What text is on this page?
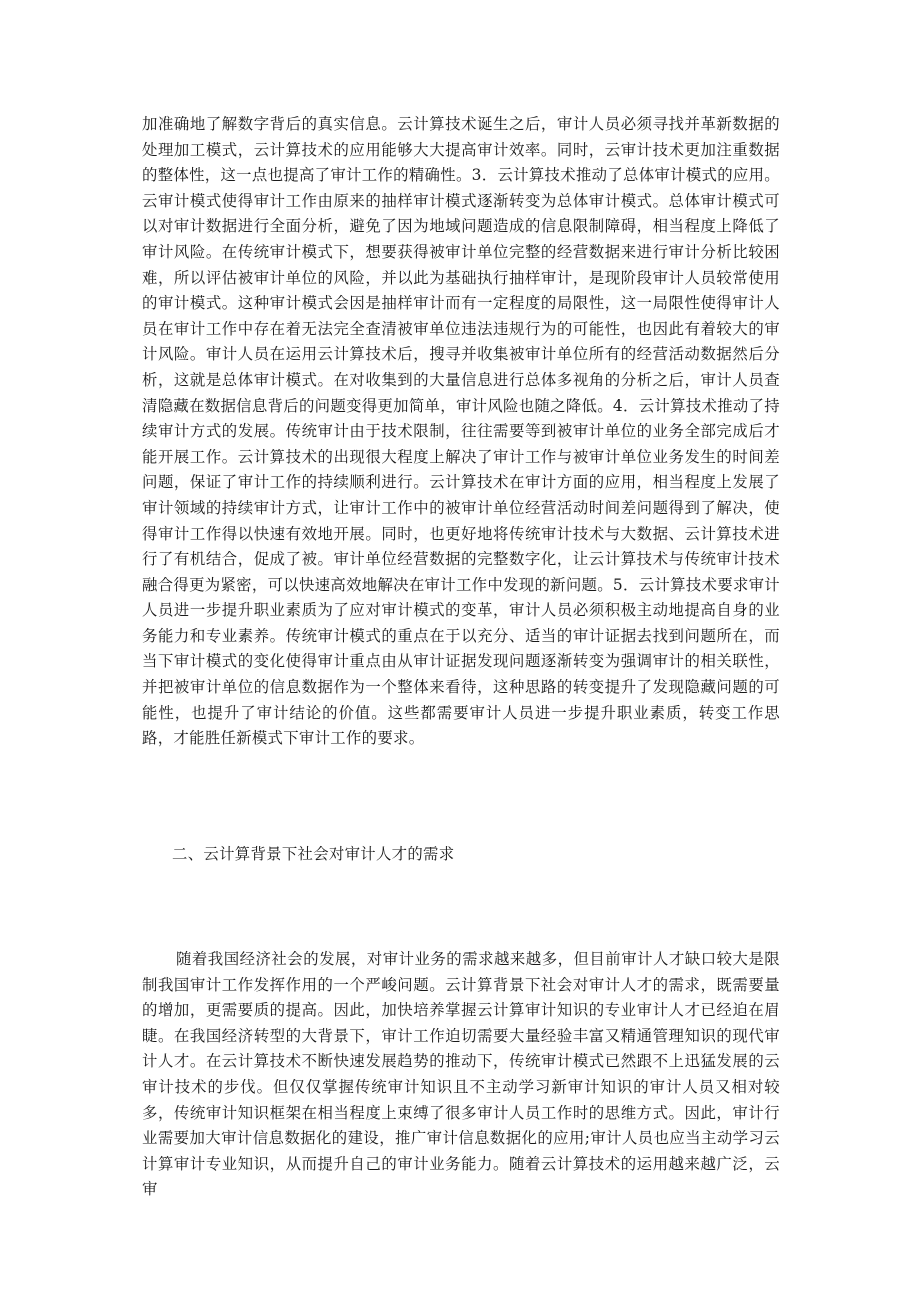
加准确地了解数字背后的真实信息。云计算技术诞生之后，审计人员必须寻找并革新数据的处理加工模式，云计算技术的应用能够大大提高审计效率。同时，云审计技术更加注重数据的整体性，这一点也提高了审计工作的精确性。3．云计算技术推动了总体审计模式的应用。云审计模式使得审计工作由原来的抽样审计模式逐渐转变为总体审计模式。总体审计模式可以对审计数据进行全面分析，避免了因为地域问题造成的信息限制障碍，相当程度上降低了审计风险。在传统审计模式下，想要获得被审计单位完整的经营数据来进行审计分析比较困难，所以评估被审计单位的风险，并以此为基础执行抽样审计，是现阶段审计人员较常使用的审计模式。这种审计模式会因是抽样审计而有一定程度的局限性，这一局限性使得审计人员在审计工作中存在着无法完全查清被审单位违法违规行为的可能性，也因此有着较大的审计风险。审计人员在运用云计算技术后，搜寻并收集被审计单位所有的经营活动数据然后分析，这就是总体审计模式。在对收集到的大量信息进行总体多视角的分析之后，审计人员查清隐藏在数据信息背后的问题变得更加简单，审计风险也随之降低。4．云计算技术推动了持续审计方式的发展。传统审计由于技术限制，往往需要等到被审计单位的业务全部完成后才能开展工作。云计算技术的出现很大程度上解决了审计工作与被审计单位业务发生的时间差问题，保证了审计工作的持续顺利进行。云计算技术在审计方面的应用，相当程度上发展了审计领域的持续审计方式，让审计工作中的被审计单位经营活动时间差问题得到了解决，使得审计工作得以快速有效地开展。同时，也更好地将传统审计技术与大数据、云计算技术进行了有机结合，促成了被。审计单位经营数据的完整数字化，让云计算技术与传统审计技术融合得更为紧密，可以快速高效地解决在审计工作中发现的新问题。5．云计算技术要求审计人员进一步提升职业素质为了应对审计模式的变革，审计人员必须积极主动地提高自身的业务能力和专业素养。传统审计模式的重点在于以充分、适当的审计证据去找到问题所在，而当下审计模式的变化使得审计重点由从审计证据发现问题逐渐转变为强调审计的相关联性，并把被审计单位的信息数据作为一个整体来看待，这种思路的转变提升了发现隐藏问题的可能性，也提升了审计结论的价值。这些都需要审计人员进一步提升职业素质，转变工作思路，才能胜任新模式下审计工作的要求。

二、云计算背景下社会对审计人才的需求

随着我国经济社会的发展，对审计业务的需求越来越多，但目前审计人才缺口较大是限制我国审计工作发挥作用的一个严峻问题。云计算背景下社会对审计人才的需求，既需要量的增加，更需要质的提高。因此，加快培养掌握云计算审计知识的专业审计人才已经迫在眉睫。在我国经济转型的大背景下，审计工作迫切需要大量经验丰富又精通管理知识的现代审计人才。在云计算技术不断快速发展趋势的推动下，传统审计模式已然跟不上迅猛发展的云审计技术的步伐。但仅仅掌握传统审计知识且不主动学习新审计知识的审计人员又相对较多，传统审计知识框架在相当程度上束缚了很多审计人员工作时的思维方式。因此，审计行业需要加大审计信息数据化的建设，推广审计信息数据化的应用;审计人员也应当主动学习云计算审计专业知识，从而提升自己的审计业务能力。随着云计算技术的运用越来越广泛，云审
